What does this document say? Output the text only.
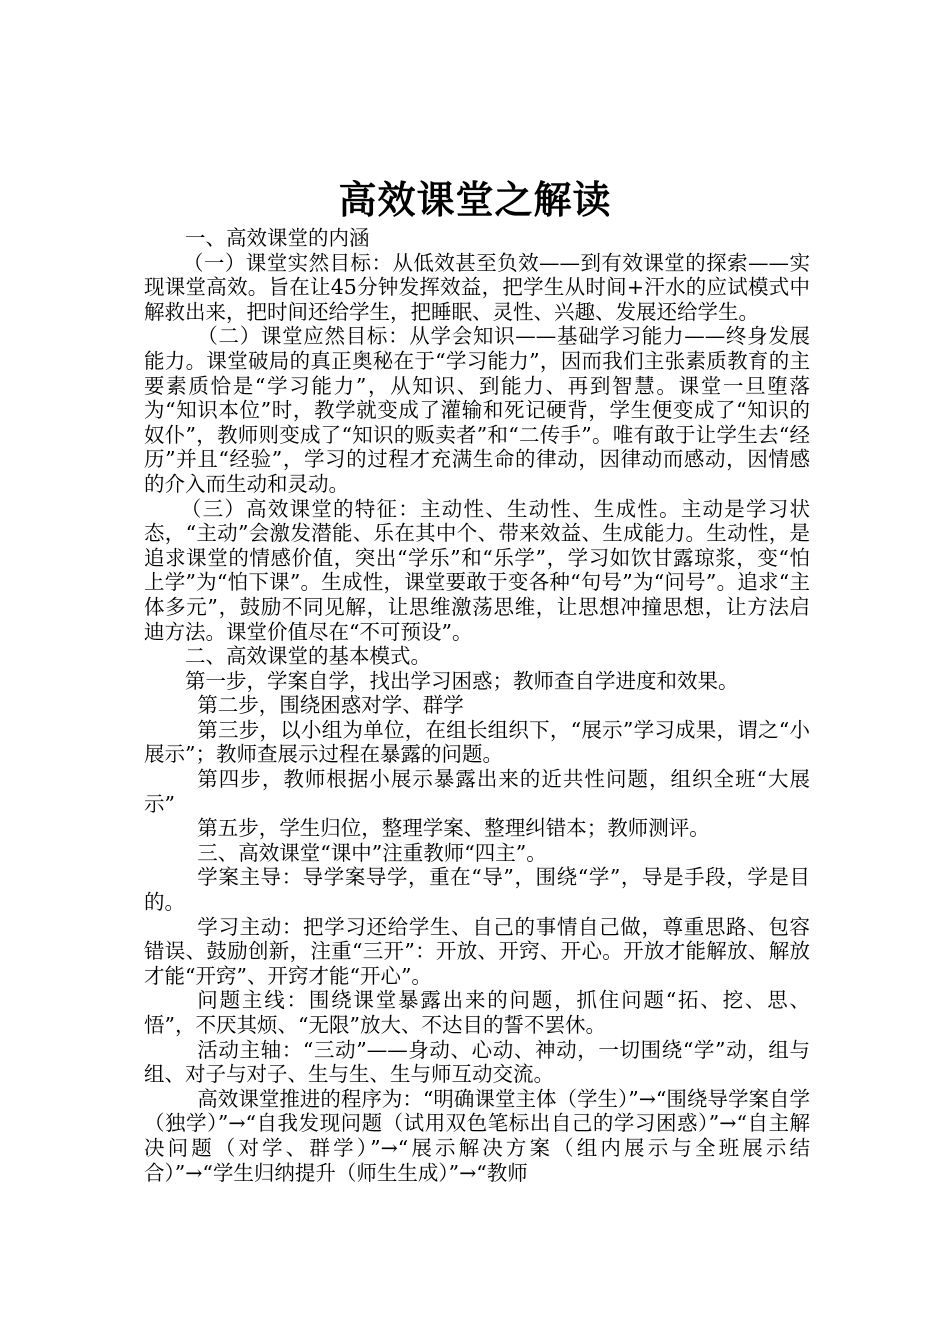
高效课堂之解读

一、高效课堂的内涵

（一）课堂实然目标：从低效甚至负效——到有效课堂的探索——实现课堂高效。旨在让45分钟发挥效益，把学生从时间+汗水的应试模式中解救出来，把时间还给学生，把睡眠、灵性、兴趣、发展还给学生。

（二）课堂应然目标：从学会知识——基础学习能力——终身发展能力。课堂破局的真正奥秘在于“学习能力”，因而我们主张素质教育的主要素质恰是“学习能力”，从知识、到能力、再到智慧。课堂一旦堕落为“知识本位”时，教学就变成了灌输和死记硬背，学生便变成了“知识的奴仆”，教师则变成了“知识的贩卖者”和“二传手”。唯有敢于让学生去“经历”并且“经验”，学习的过程才充满生命的律动，因律动而感动，因情感的介入而生动和灵动。

（三）高效课堂的特征：主动性、生动性、生成性。主动是学习状态，“主动”会激发潜能、乐在其中个、带来效益、生成能力。生动性，是追求课堂的情感价值，突出“学乐”和“乐学”，学习如饮甘露琼浆，变“怕上学”为“怕下课”。生成性，课堂要敢于变各种“句号”为“问号”。追求“主体多元”，鼓励不同见解，让思维激荡思维，让思想冲撞思想，让方法启迪方法。课堂价值尽在“不可预设”。

二、高效课堂的基本模式。

第一步，学案自学，找出学习困惑；教师查自学进度和效果。

第二步，围绕困惑对学、群学

第三步，以小组为单位，在组长组织下，“展示”学习成果，谓之“小展示”；教师查展示过程在暴露的问题。

第四步，教师根据小展示暴露出来的近共性问题，组织全班“大展示”

第五步，学生归位，整理学案、整理纠错本；教师测评。

三、高效课堂“课中”注重教师“四主”。

学案主导：导学案导学，重在“导”，围绕“学”，导是手段，学是目的。

学习主动：把学习还给学生、自己的事情自己做，尊重思路、包容错误、鼓励创新，注重“三开”：开放、开窍、开心。开放才能解放、解放才能“开窍”、开窍才能“开心”。

问题主线：围绕课堂暴露出来的问题，抓住问题“拓、挖、思、悟”，不厌其烦、“无限”放大、不达目的誓不罢休。

活动主轴：“三动”——身动、心动、神动，一切围绕“学”动，组与组、对子与对子、生与生、生与师互动交流。

高效课堂推进的程序为：“明确课堂主体（学生）”→“围绕导学案自学（独学）”→“自我发现问题（试用双色笔标出自己的学习困惑）”→“自主解决问题（对学、群学）”→“展示解决方案（组内展示与全班展示结合）”→“学生归纳提升（师生生成）”→“教师
